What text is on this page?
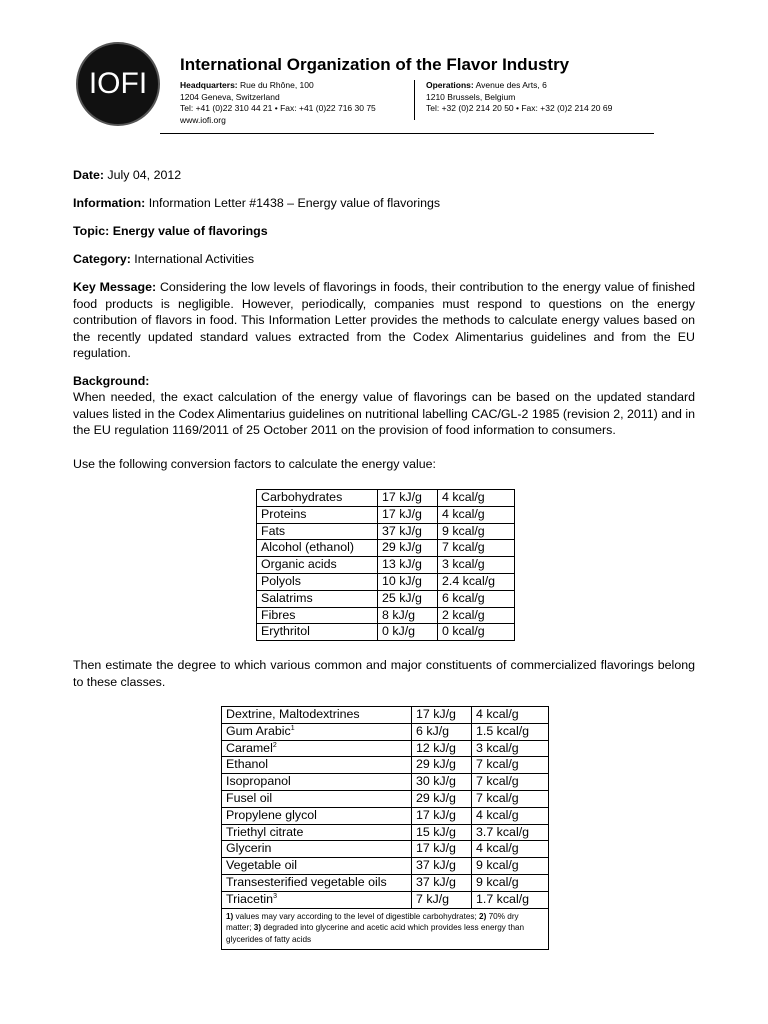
IOFI
International Organization of the Flavor Industry
Headquarters: Rue du Rhône, 100
1204 Geneva, Switzerland
Tel: +41 (0)22 310 44 21 • Fax: +41 (0)22 716 30 75
www.iofi.org
Operations: Avenue des Arts, 6
1210 Brussels, Belgium
Tel: +32 (0)2 214 20 50 • Fax: +32 (0)2 214 20 69
Date: July 04, 2012
Information: Information Letter #1438 – Energy value of flavorings
Topic: Energy value of flavorings
Category: International Activities
Key Message: Considering the low levels of flavorings in foods, their contribution to the energy value of finished food products is negligible. However, periodically, companies must respond to questions on the energy contribution of flavors in food. This Information Letter provides the methods to calculate energy values based on the recently updated standard values extracted from the Codex Alimentarius guidelines and from the EU regulation.
Background:
When needed, the exact calculation of the energy value of flavorings can be based on the updated standard values listed in the Codex Alimentarius guidelines on nutritional labelling CAC/GL-2 1985 (revision 2, 2011) and in the EU regulation 1169/2011 of 25 October 2011 on the provision of food information to consumers.
Use the following conversion factors to calculate the energy value:
Carbohydrates	17 kJ/g	4 kcal/g
Proteins	17 kJ/g	4 kcal/g
Fats	37 kJ/g	9 kcal/g
Alcohol (ethanol)	29 kJ/g	7 kcal/g
Organic acids	13 kJ/g	3 kcal/g
Polyols	10 kJ/g	2.4 kcal/g
Salatrims	25 kJ/g	6 kcal/g
Fibres	8 kJ/g	2 kcal/g
Erythritol	0 kJ/g	0 kcal/g
Then estimate the degree to which various common and major constituents of commercialized flavorings belong to these classes.
Dextrine, Maltodextrines	17 kJ/g	4 kcal/g
Gum Arabic$^1$	6 kJ/g	1.5 kcal/g
Caramel$^2$	12 kJ/g	3 kcal/g
Ethanol	29 kJ/g	7 kcal/g
Isopropanol	30 kJ/g	7 kcal/g
Fusel oil	29 kJ/g	7 kcal/g
Propylene glycol	17 kJ/g	4 kcal/g
Triethyl citrate	15 kJ/g	3.7 kcal/g
Glycerin	17 kJ/g	4 kcal/g
Vegetable oil	37 kJ/g	9 kcal/g
Transesterified vegetable oils	37 kJ/g	9 kcal/g
Triacetin$^3$	7 kJ/g	1.7 kcal/g
1) values may vary according to the level of digestible carbohydrates; 2) 70% dry matter; 3) degraded into glycerine and acetic acid which provides less energy than glycerides of fatty acids		
